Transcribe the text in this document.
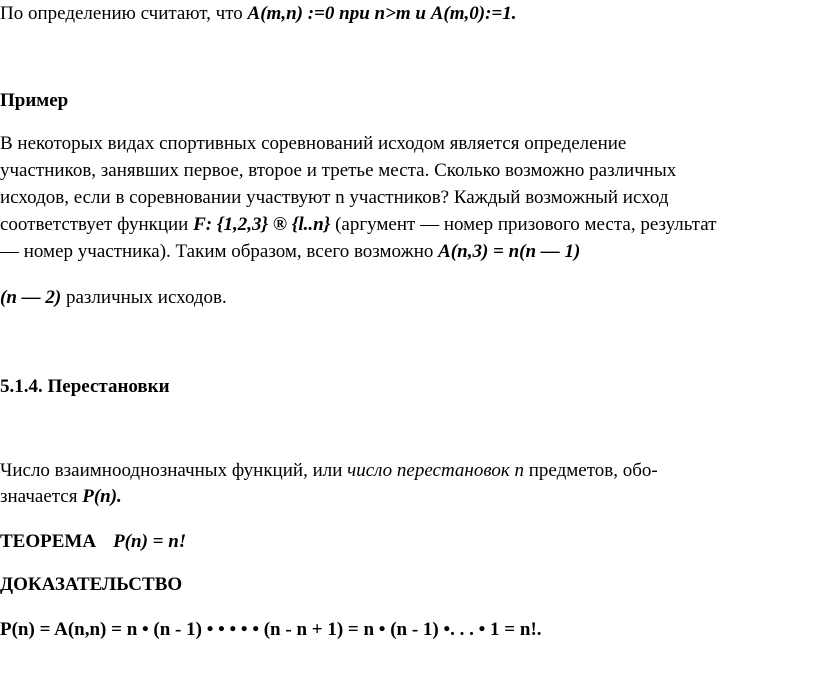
По определению считают, что A(m,n) :=0 при n>m и A(m,0):=1.
Пример
В некоторых видах спортивных соревнований исходом является определение
участников, занявших первое, второе и третье места. Сколько возможно различных
исходов, если в соревновании участвуют n участников? Каждый возможный исход
соответствует функции F: {1,2,3} ® {l..n} (аргумент — номер призового места, результат
— номер участника). Таким образом, всего возможно A(n,3) = n(n — 1)
(n — 2) различных исходов.
5.1.4. Перестановки
Число взаимнооднозначных функций, или число перестановок n предметов, обо-
значается P(n).
ТЕОРЕМА P(n) = n!
ДОКАЗАТЕЛЬСТВО
P(n) = A(n,n) = n • (n - 1) • • • • • (n - n + 1) = n • (n - 1) •. . . • 1 = n!.
